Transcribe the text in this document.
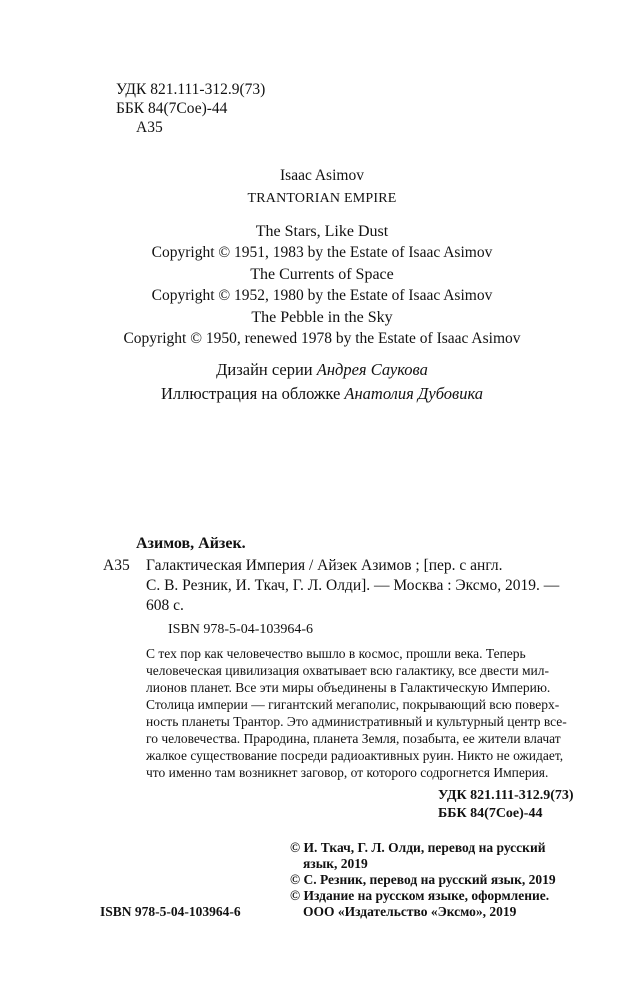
УДК 821.111-312.9(73)
ББК 84(7Сое)-44
А35
Isaac Asimov
TRANTORIAN EMPIRE
The Stars, Like Dust
Copyright © 1951, 1983 by the Estate of Isaac Asimov
The Currents of Space
Copyright © 1952, 1980 by the Estate of Isaac Asimov
The Pebble in the Sky
Copyright © 1950, renewed 1978 by the Estate of Isaac Asimov
Дизайн серии Андрея Саукова
Иллюстрация на обложке Анатолия Дубовика
Азимов, Айзек.
А35 Галактическая Империя / Айзек Азимов ; [пер. с англ.
С. В. Резник, И. Ткач, Г. Л. Олди]. — Москва : Эксмо, 2019. —
608 с.
ISBN 978-5-04-103964-6
С тех пор как человечество вышло в космос, прошли века. Теперь
человеческая цивилизация охватывает всю галактику, все двести мил-
лионов планет. Все эти миры объединены в Галактическую Империю.
Столица империи — гигантский мегаполис, покрывающий всю поверх-
ность планеты Трантор. Это административный и культурный центр все-
го человечества. Прародина, планета Земля, позабыта, ее жители влачат
жалкое существование посреди радиоактивных руин. Никто не ожидает,
что именно там возникнет заговор, от которого содрогнется Империя.
УДК 821.111-312.9(73)
ББК 84(7Сое)-44
© И. Ткач, Г. Л. Олди, перевод на русский
язык, 2019
© С. Резник, перевод на русский язык, 2019
© Издание на русском языке, оформление.
ООО «Издательство «Эксмо», 2019
ISBN 978-5-04-103964-6
